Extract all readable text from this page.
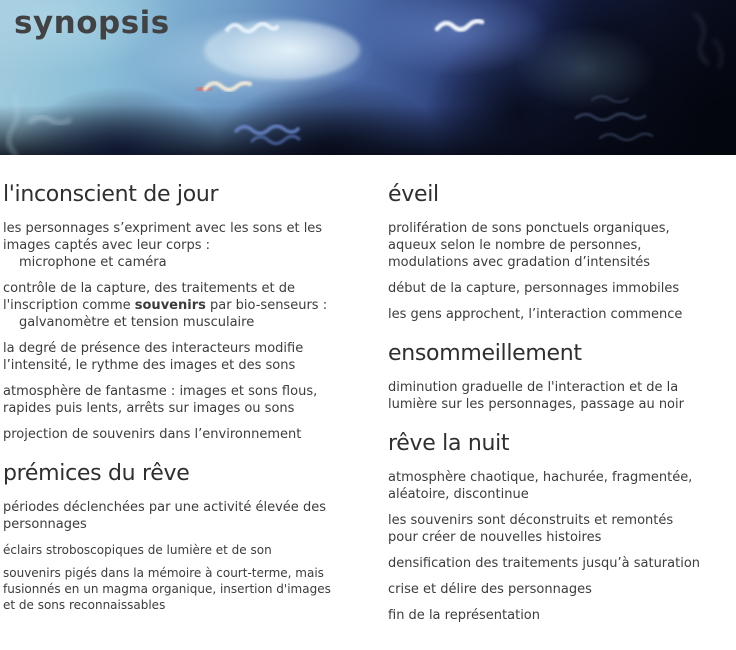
synopsis
l'inconscient de jour

les personnages s’expriment avec les sons et les
images captés avec leur corps :
microphone et caméra

contrôle de la capture, des traitements et de
l'inscription comme souvenirs par bio-senseurs :
galvanomètre et tension musculaire

la degré de présence des interacteurs modifie
l’intensité, le rythme des images et des sons

atmosphère de fantasme : images et sons flous,
rapides puis lents, arrêts sur images ou sons

projection de souvenirs dans l’environnement

prémices du rêve

périodes déclenchées par une activité élevée des
personnages

éclairs stroboscopiques de lumière et de son

souvenirs pigés dans la mémoire à court-terme, mais
fusionnés en un magma organique, insertion d'images
et de sons reconnaissables

éveil

prolifération de sons ponctuels organiques,
aqueux selon le nombre de personnes,
modulations avec gradation d’intensités

début de la capture, personnages immobiles

les gens approchent, l’interaction commence

ensommeillement

diminution graduelle de l'interaction et de la
lumière sur les personnages, passage au noir

rêve la nuit

atmosphère chaotique, hachurée, fragmentée,
aléatoire, discontinue

les souvenirs sont déconstruits et remontés
pour créer de nouvelles histoires

densification des traitements jusqu’à saturation

crise et délire des personnages

fin de la représentation
